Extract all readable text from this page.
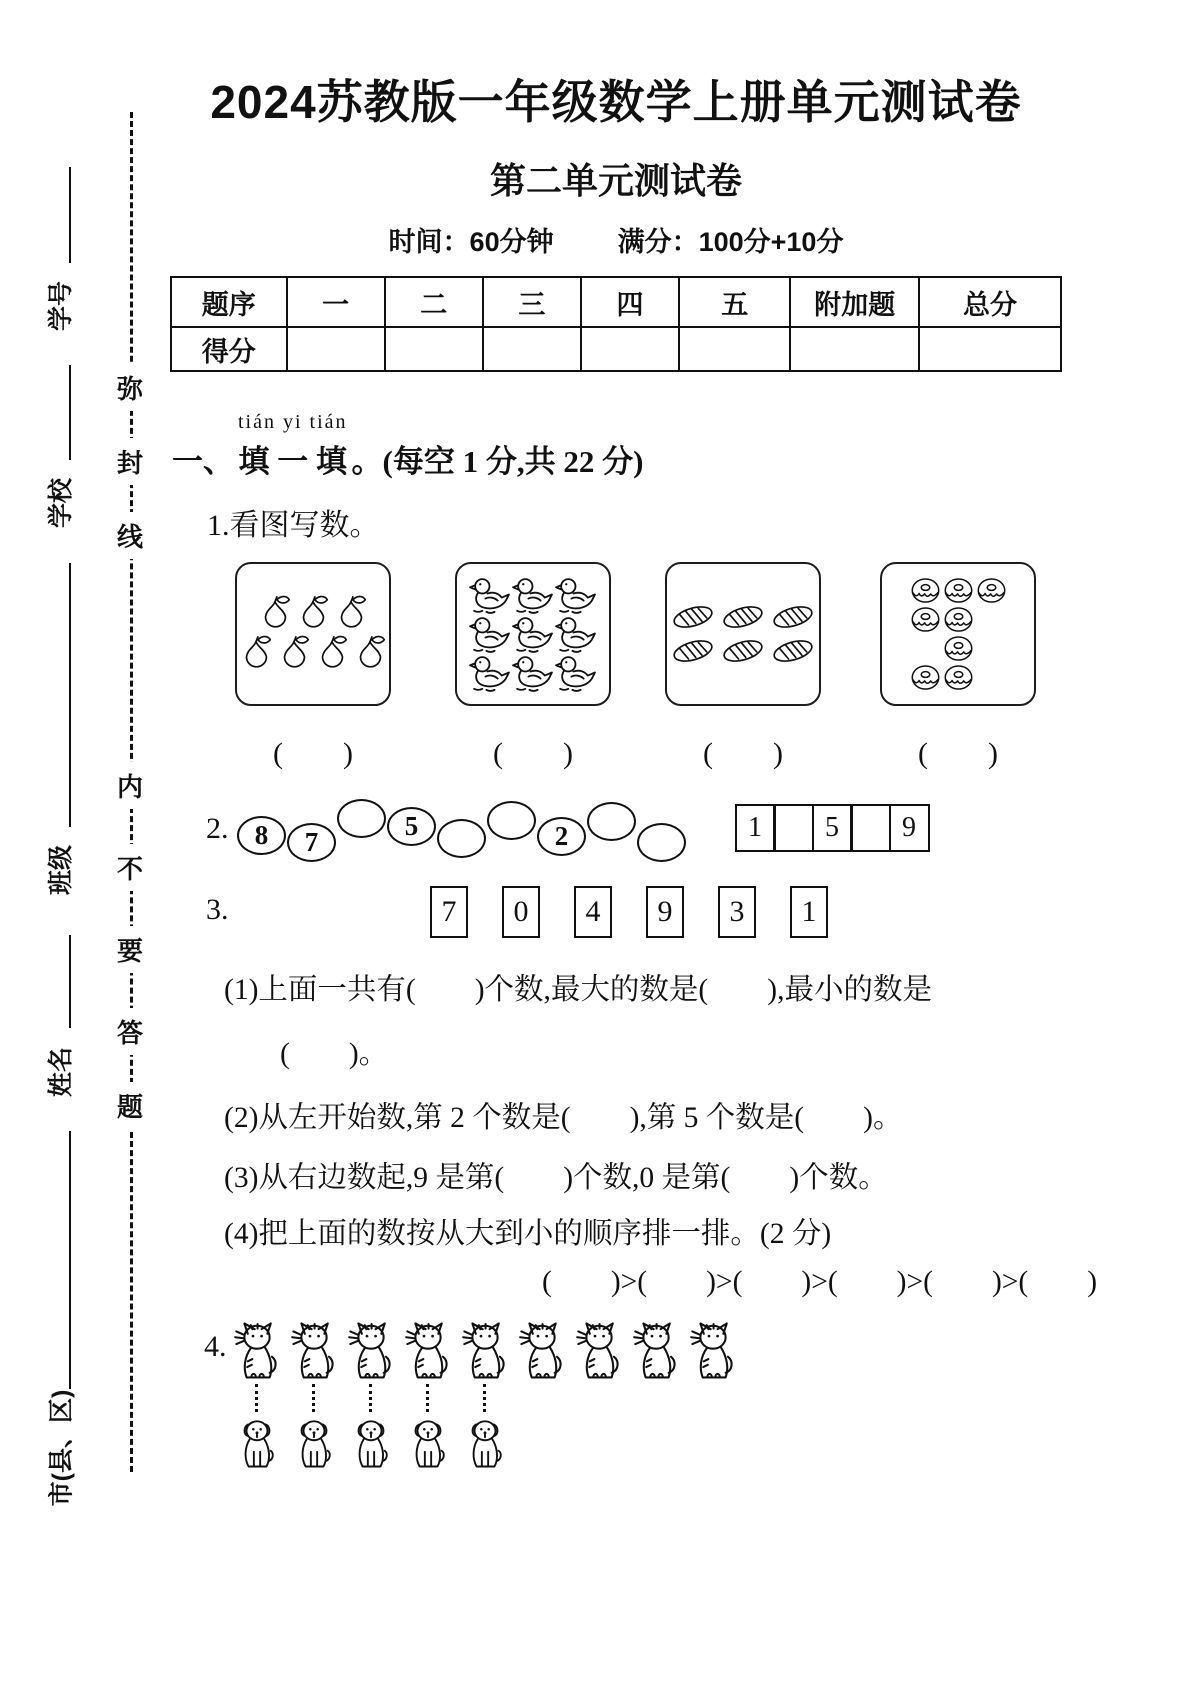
学号
学校
班级
姓名
市(县、区)
弥
封
线
内
不
要
答
题
2024苏教版一年级数学上册单元测试卷
第二单元测试卷
时间：60分钟 满分：100分+10分
题序	一	二	三	四	五	附加题	总分
得分							
一、
tián yi tián
填 一 填 。(每空 1 分,共 22 分)
1.看图写数。
(　　)	(　　)	(　　)	(　　)
2. 8	7
5	2	1	5	9
3.	7	0	4	9	3	1
(　　)>(　　)>(　　)>(　　)>(　　)>(　　)
(1)上面一共有(　　)个数,最大的数是(　　),最小的数是
(　　)。
(2)从左开始数,第 2 个数是(　　),第 5 个数是(　　)。
(3)从右边数起,9 是第(　　)个数,0 是第(　　)个数。
(4)把上面的数按从大到小的顺序排一排。(2 分)
4.
